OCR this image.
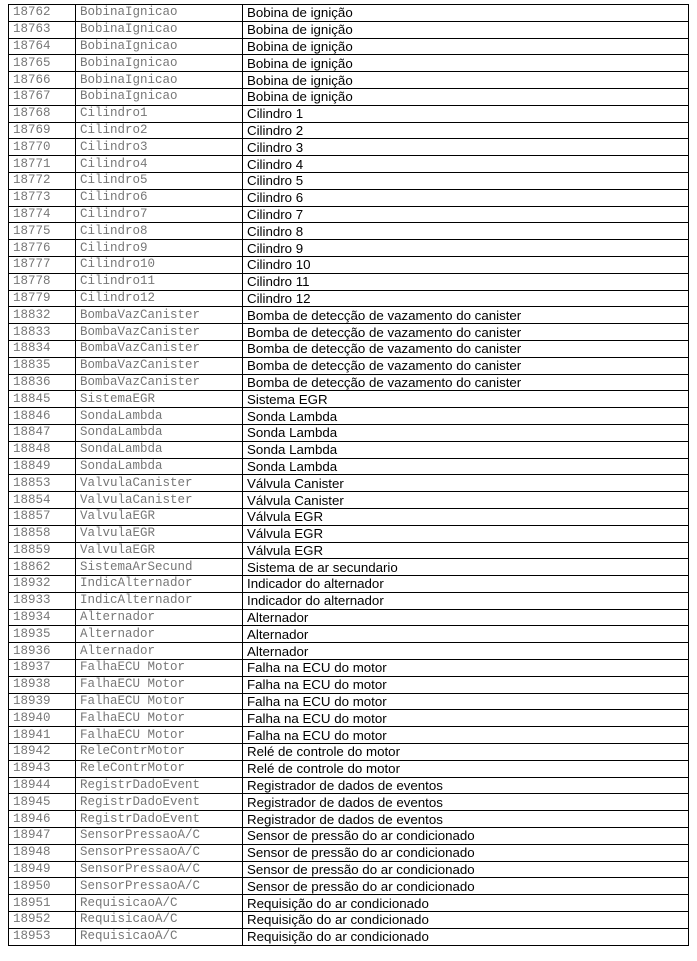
18762	BobinaIgnicao	Bobina de ignição
18763	BobinaIgnicao	Bobina de ignição
18764	BobinaIgnicao	Bobina de ignição
18765	BobinaIgnicao	Bobina de ignição
18766	BobinaIgnicao	Bobina de ignição
18767	BobinaIgnicao	Bobina de ignição
18768	Cilindro1	Cilindro 1
18769	Cilindro2	Cilindro 2
18770	Cilindro3	Cilindro 3
18771	Cilindro4	Cilindro 4
18772	Cilindro5	Cilindro 5
18773	Cilindro6	Cilindro 6
18774	Cilindro7	Cilindro 7
18775	Cilindro8	Cilindro 8
18776	Cilindro9	Cilindro 9
18777	Cilindro10	Cilindro 10
18778	Cilindro11	Cilindro 11
18779	Cilindro12	Cilindro 12
18832	BombaVazCanister	Bomba de detecção de vazamento do canister
18833	BombaVazCanister	Bomba de detecção de vazamento do canister
18834	BombaVazCanister	Bomba de detecção de vazamento do canister
18835	BombaVazCanister	Bomba de detecção de vazamento do canister
18836	BombaVazCanister	Bomba de detecção de vazamento do canister
18845	SistemaEGR	Sistema EGR
18846	SondaLambda	Sonda Lambda
18847	SondaLambda	Sonda Lambda
18848	SondaLambda	Sonda Lambda
18849	SondaLambda	Sonda Lambda
18853	ValvulaCanister	Válvula Canister
18854	ValvulaCanister	Válvula Canister
18857	ValvulaEGR	Válvula EGR
18858	ValvulaEGR	Válvula EGR
18859	ValvulaEGR	Válvula EGR
18862	SistemaArSecund	Sistema de ar secundario
18932	IndicAlternador	Indicador do alternador
18933	IndicAlternador	Indicador do alternador
18934	Alternador	Alternador
18935	Alternador	Alternador
18936	Alternador	Alternador
18937	FalhaECU Motor	Falha na ECU do motor
18938	FalhaECU Motor	Falha na ECU do motor
18939	FalhaECU Motor	Falha na ECU do motor
18940	FalhaECU Motor	Falha na ECU do motor
18941	FalhaECU Motor	Falha na ECU do motor
18942	ReleContrMotor	Relé de controle do motor
18943	ReleContrMotor	Relé de controle do motor
18944	RegistrDadoEvent	Registrador de dados de eventos
18945	RegistrDadoEvent	Registrador de dados de eventos
18946	RegistrDadoEvent	Registrador de dados de eventos
18947	SensorPressaoA/C	Sensor de pressão do ar condicionado
18948	SensorPressaoA/C	Sensor de pressão do ar condicionado
18949	SensorPressaoA/C	Sensor de pressão do ar condicionado
18950	SensorPressaoA/C	Sensor de pressão do ar condicionado
18951	RequisicaoA/C	Requisição do ar condicionado
18952	RequisicaoA/C	Requisição do ar condicionado
18953	RequisicaoA/C	Requisição do ar condicionado
